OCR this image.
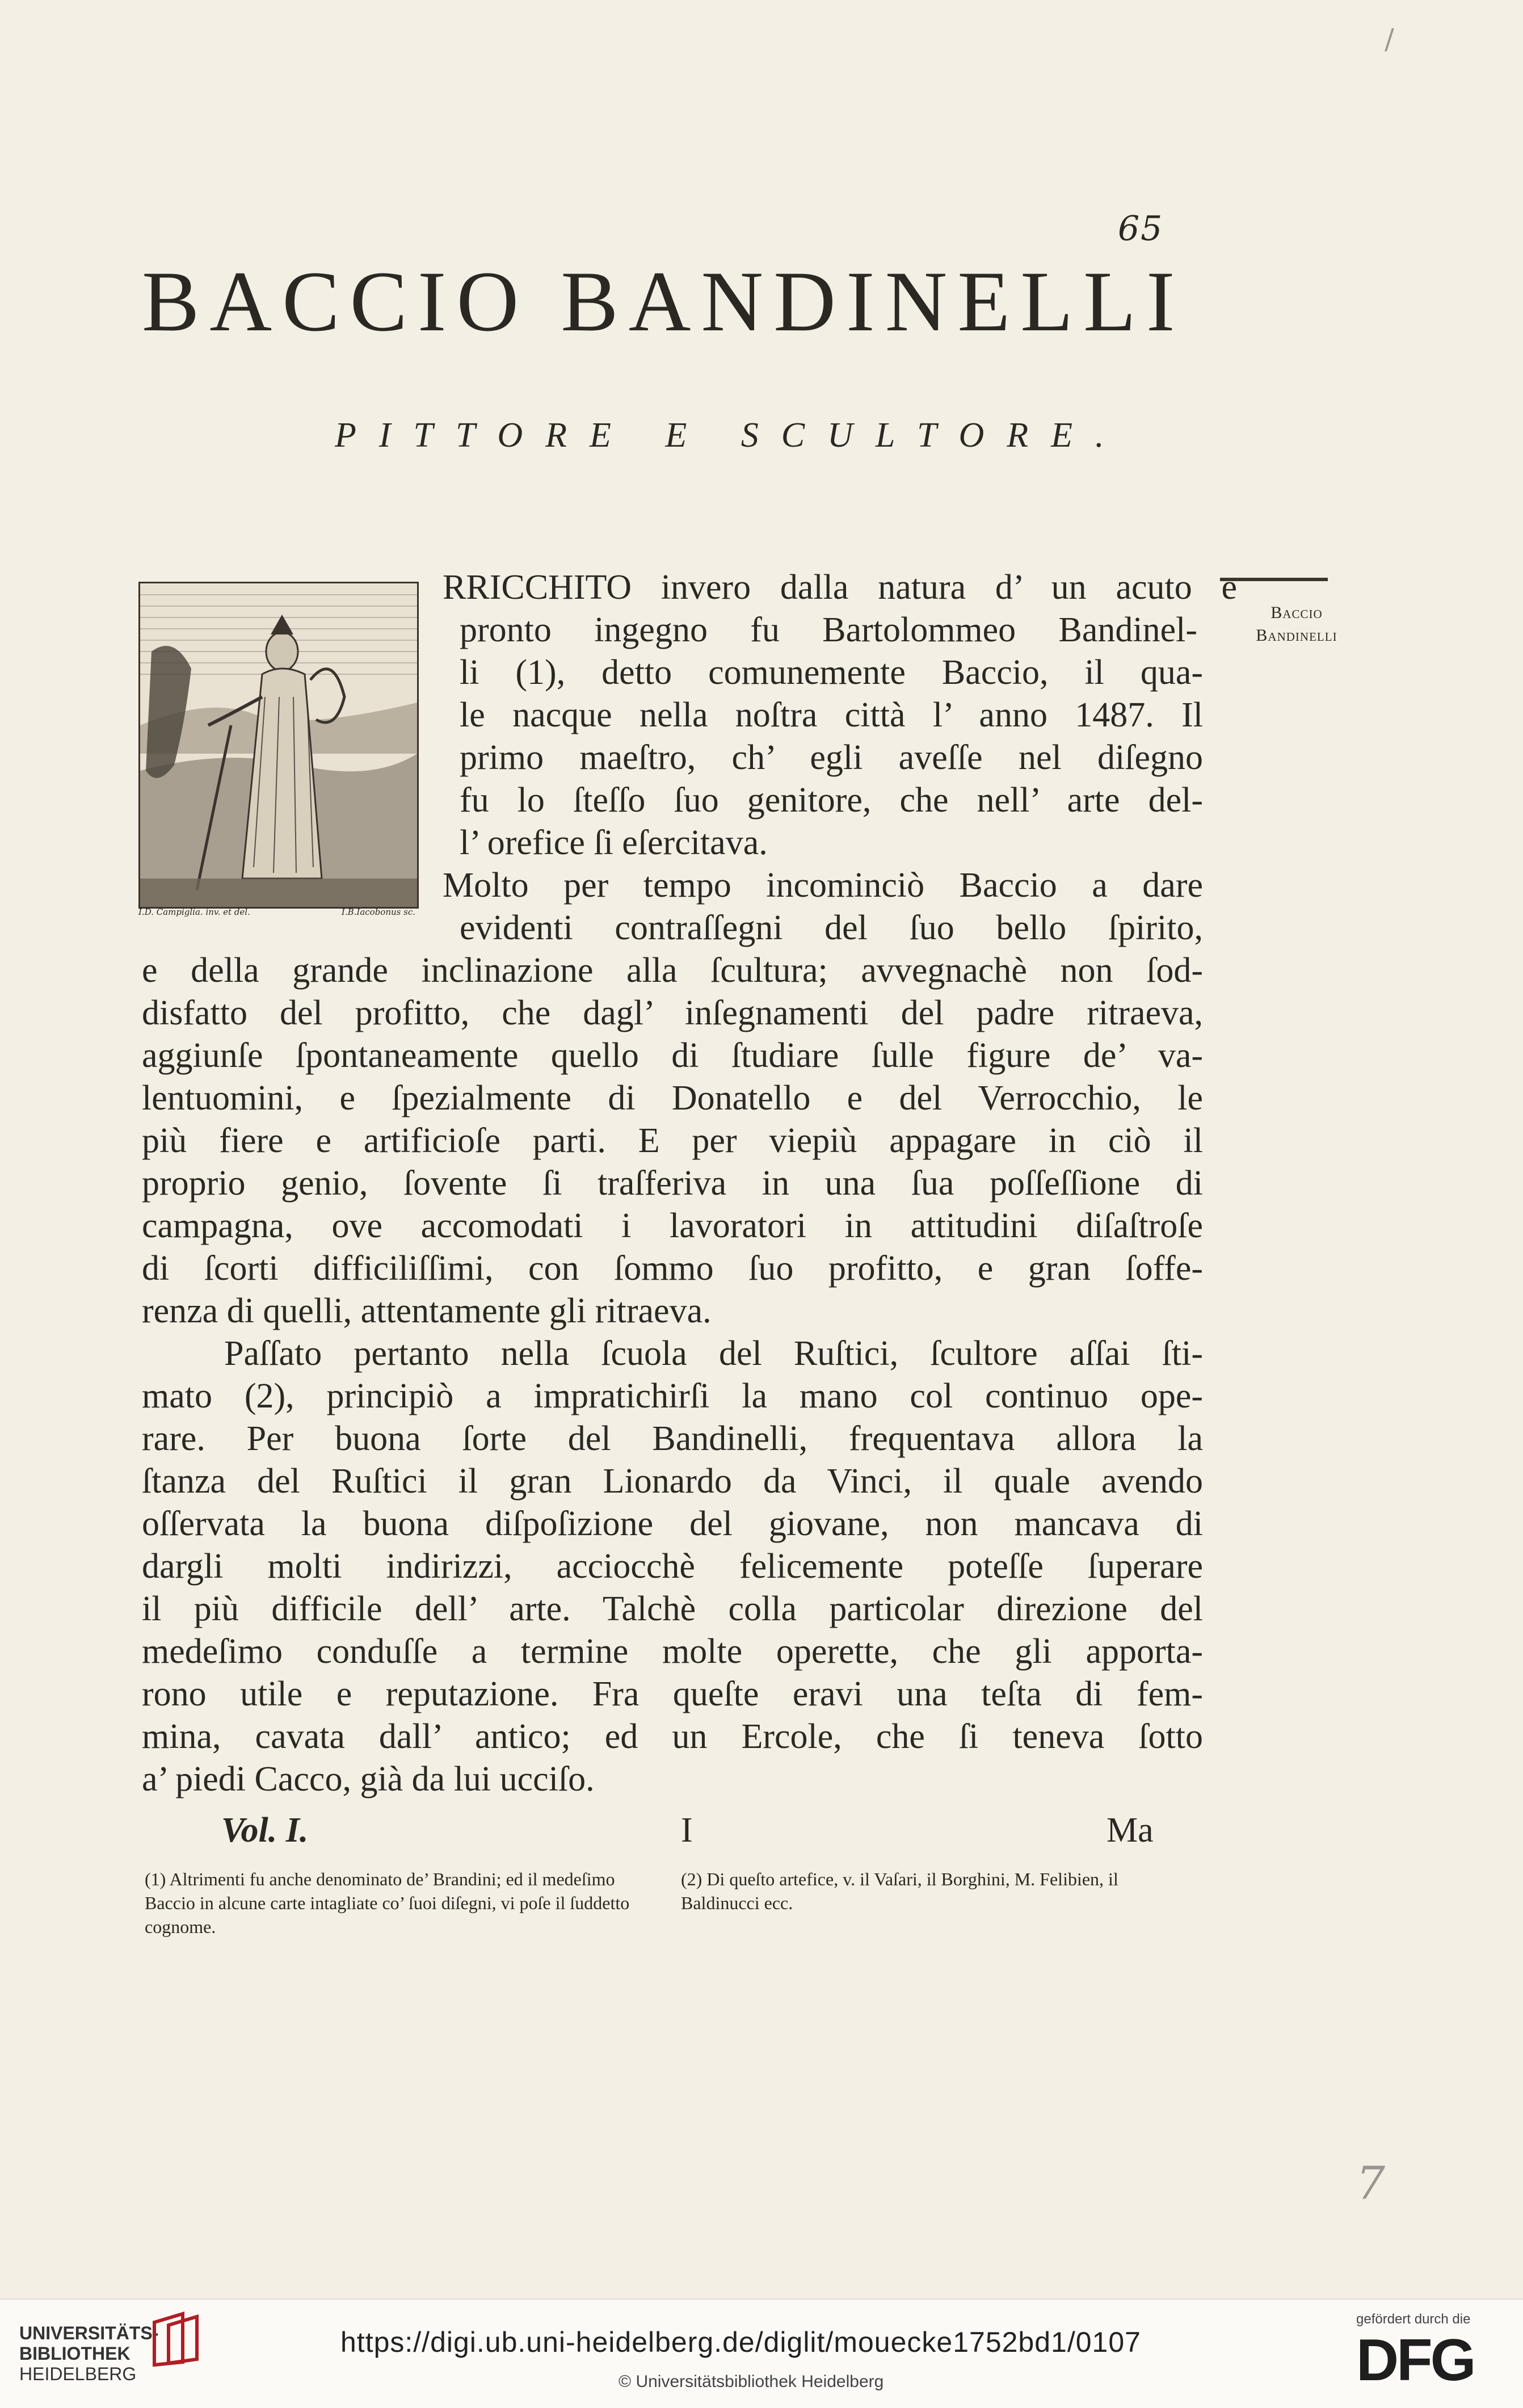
/
65
BACCIO BANDINELLI
PITTORE E SCULTORE.
I.D. Campiglia. inv. et del.	I.B.Iacobonus sc.
Baccio
Bandinelli
RRICCHITO invero dalla natura d’ un acuto e
pronto ingegno fu Bartolommeo Bandinel-
li (1), detto comunemente Baccio, il qua-
le nacque nella noſtra città l’ anno 1487. Il
primo maeſtro, ch’ egli aveſſe nel diſegno
fu lo ſteſſo ſuo genitore, che nell’ arte del-
l’ orefice ſi eſercitava.
Molto per tempo incominciò Baccio a dare
evidenti contraſſegni del ſuo bello ſpirito,
e della grande inclinazione alla ſcultura; avvegnachè non ſod-
disfatto del profitto, che dagl’ inſegnamenti del padre ritraeva,
aggiunſe ſpontaneamente quello di ſtudiare ſulle figure de’ va-
lentuomini, e ſpezialmente di Donatello e del Verrocchio, le
più fiere e artificioſe parti. E per viepiù appagare in ciò il
proprio genio, ſovente ſi traſferiva in una ſua poſſeſſione di
campagna, ove accomodati i lavoratori in attitudini diſaſtroſe
di ſcorti difficiliſſimi, con ſommo ſuo profitto, e gran ſoffe-
renza di quelli, attentamente gli ritraeva.
Paſſato pertanto nella ſcuola del Ruſtici, ſcultore aſſai ſti-
mato (2), principiò a impratichirſi la mano col continuo ope-
rare. Per buona ſorte del Bandinelli, frequentava allora la
ſtanza del Ruſtici il gran Lionardo da Vinci, il quale avendo
oſſervata la buona diſpoſizione del giovane, non mancava di
dargli molti indirizzi, acciocchè felicemente poteſſe ſuperare
il più difficile dell’ arte. Talchè colla particolar direzione del
medeſimo conduſſe a termine molte operette, che gli apporta-
rono utile e reputazione. Fra queſte eravi una teſta di fem-
mina, cavata dall’ antico; ed un Ercole, che ſi teneva ſotto
a’ piedi Cacco, già da lui ucciſo.
Vol. I.	I	Ma
(1) Altrimenti fu anche denominato de’ Brandini; ed il medeſimo Baccio in alcune carte intagliate co’ ſuoi diſegni, vi poſe il ſuddetto cognome.
(2) Di queſto artefice, v. il Vaſari, il Borghini, M. Felibien, il Baldinucci ecc.
7
UNIVERSITÄTS-
BIBLIOTHEK
HEIDELBERG
https://digi.ub.uni-heidelberg.de/diglit/mouecke1752bd1/0107
© Universitätsbibliothek Heidelberg
gefördert durch die
DFG
